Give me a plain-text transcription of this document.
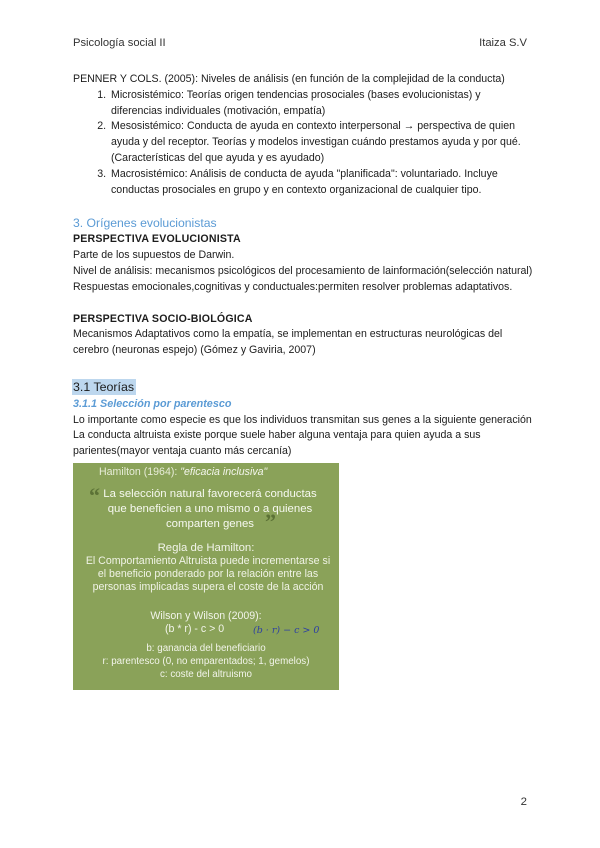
Psicología social II	Itaiza S.V

PENNER Y COLS. (2005): Niveles de análisis (en función de la complejidad de la conducta)

1. Microsistémico: Teorías origen tendencias prosociales (bases evolucionistas) y diferencias individuales (motivación, empatía)
2. Mesosistémico: Conducta de ayuda en contexto interpersonal → perspectiva de quien ayuda y del receptor. Teorías y modelos investigan cuándo prestamos ayuda y por qué. (Características del que ayuda y es ayudado)
3. Macrosistémico: Análisis de conducta de ayuda "planificada": voluntariado. Incluye conductas prosociales en grupo y en contexto organizacional de cualquier tipo.
3. Orígenes evolucionistas

PERSPECTIVA EVOLUCIONISTA

Parte de los supuestos de Darwin.

Nivel de análisis: mecanismos psicológicos del procesamiento de lainformación(selección natural)

Respuestas emocionales,cognitivas y conductuales:permiten resolver problemas adaptativos.

PERSPECTIVA SOCIO-BIOLÓGICA

Mecanismos Adaptativos como la empatía, se implementan en estructuras neurológicas del cerebro (neuronas espejo) (Gómez y Gaviria, 2007)

3.1 Teorías

3.1.1 Selección por parentesco

Lo importante como especie es que los individuos transmitan sus genes a la siguiente generación

La conducta altruista existe porque suele haber alguna ventaja para quien ayuda a sus parientes(mayor ventaja cuanto más cercanía)

Hamilton (1964): "eficacia inclusiva"
“ La selección natural favorecerá conductas que beneficien a uno mismo o a quienes comparten genes ”
Regla de Hamilton:
El Comportamiento Altruista puede incrementarse si el beneficio ponderado por la relación entre las personas implicadas supera el coste de la acción
Wilson y Wilson (2009):
(b * r) - c > 0	(b · r) − c > 0
b: ganancia del beneficiario
r: parentesco (0, no emparentados; 1, gemelos)
c: coste del altruismo
2
